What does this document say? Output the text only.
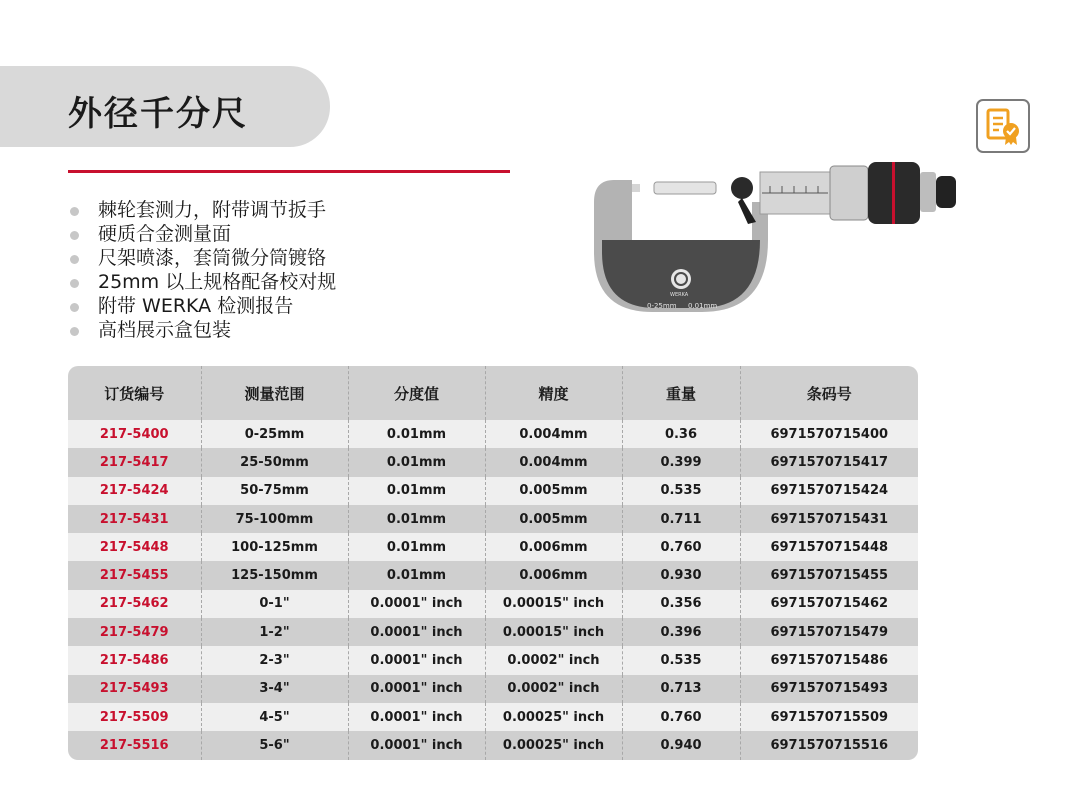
外径千分尺
棘轮套测力，附带调节扳手
硬质合金测量面
尺架喷漆，套筒微分筒镀铬
25mm 以上规格配备校对规
附带 WERKA 检测报告
高档展示盒包装
0-25mm 0.01mm
WERKA
订货编号	测量范围	分度值	精度	重量	条码号
217-5400	0-25mm	0.01mm	0.004mm	0.36	6971570715400
217-5417	25-50mm	0.01mm	0.004mm	0.399	6971570715417
217-5424	50-75mm	0.01mm	0.005mm	0.535	6971570715424
217-5431	75-100mm	0.01mm	0.005mm	0.711	6971570715431
217-5448	100-125mm	0.01mm	0.006mm	0.760	6971570715448
217-5455	125-150mm	0.01mm	0.006mm	0.930	6971570715455
217-5462	0-1"	0.0001" inch	0.00015" inch	0.356	6971570715462
217-5479	1-2"	0.0001" inch	0.00015" inch	0.396	6971570715479
217-5486	2-3"	0.0001" inch	0.0002" inch	0.535	6971570715486
217-5493	3-4"	0.0001" inch	0.0002" inch	0.713	6971570715493
217-5509	4-5"	0.0001" inch	0.00025" inch	0.760	6971570715509
217-5516	5-6"	0.0001" inch	0.00025" inch	0.940	6971570715516
